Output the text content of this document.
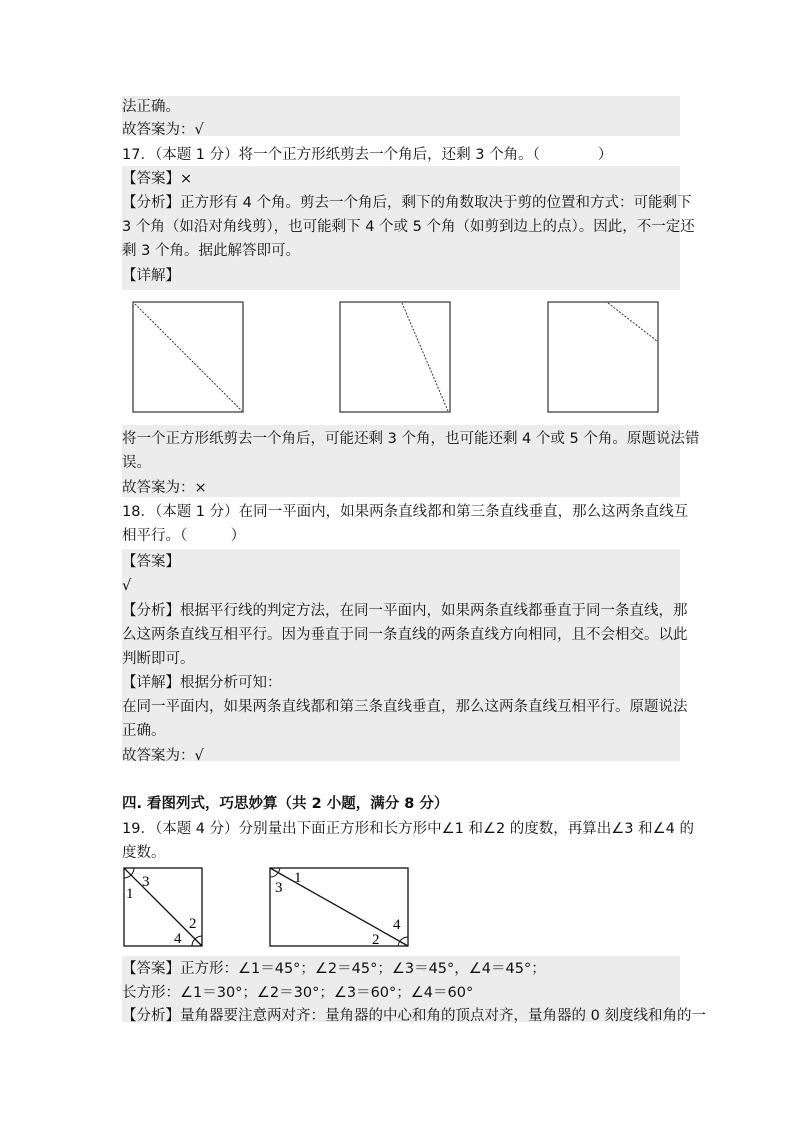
法正确。
故答案为：√
17．（本题 1 分）将一个正方形纸剪去一个角后，还剩 3 个角。（　　　　）
【答案】×
【分析】正方形有 4 个角。剪去一个角后，剩下的角数取决于剪的位置和方式：可能剩下
3 个角（如沿对角线剪），也可能剩下 4 个或 5 个角（如剪到边上的点）。因此，不一定还
剩 3 个角。据此解答即可。
【详解】
将一个正方形纸剪去一个角后，可能还剩 3 个角，也可能还剩 4 个或 5 个角。原题说法错
误。
故答案为：×
18．（本题 1 分）在同一平面内，如果两条直线都和第三条直线垂直，那么这两条直线互
相平行。（　　　）
【答案】
√
【分析】根据平行线的判定方法，在同一平面内，如果两条直线都垂直于同一条直线，那
么这两条直线互相平行。因为垂直于同一条直线的两条直线方向相同，且不会相交。以此
判断即可。
【详解】根据分析可知：
在同一平面内，如果两条直线都和第三条直线垂直，那么这两条直线互相平行。原题说法
正确。
故答案为：√
四. 看图列式，巧思妙算（共 2 小题，满分 8 分）
19．（本题 4 分）分别量出下面正方形和长方形中∠1 和∠2 的度数，再算出∠3 和∠4 的
度数。
1
3
2
4
1
3
4
2
【答案】正方形：∠1＝45°；∠2＝45°；∠3＝45°，∠4＝45°；
长方形：∠1＝30°；∠2＝30°；∠3＝60°；∠4＝60°
【分析】量角器要注意两对齐：量角器的中心和角的顶点对齐，量角器的 0 刻度线和角的一
